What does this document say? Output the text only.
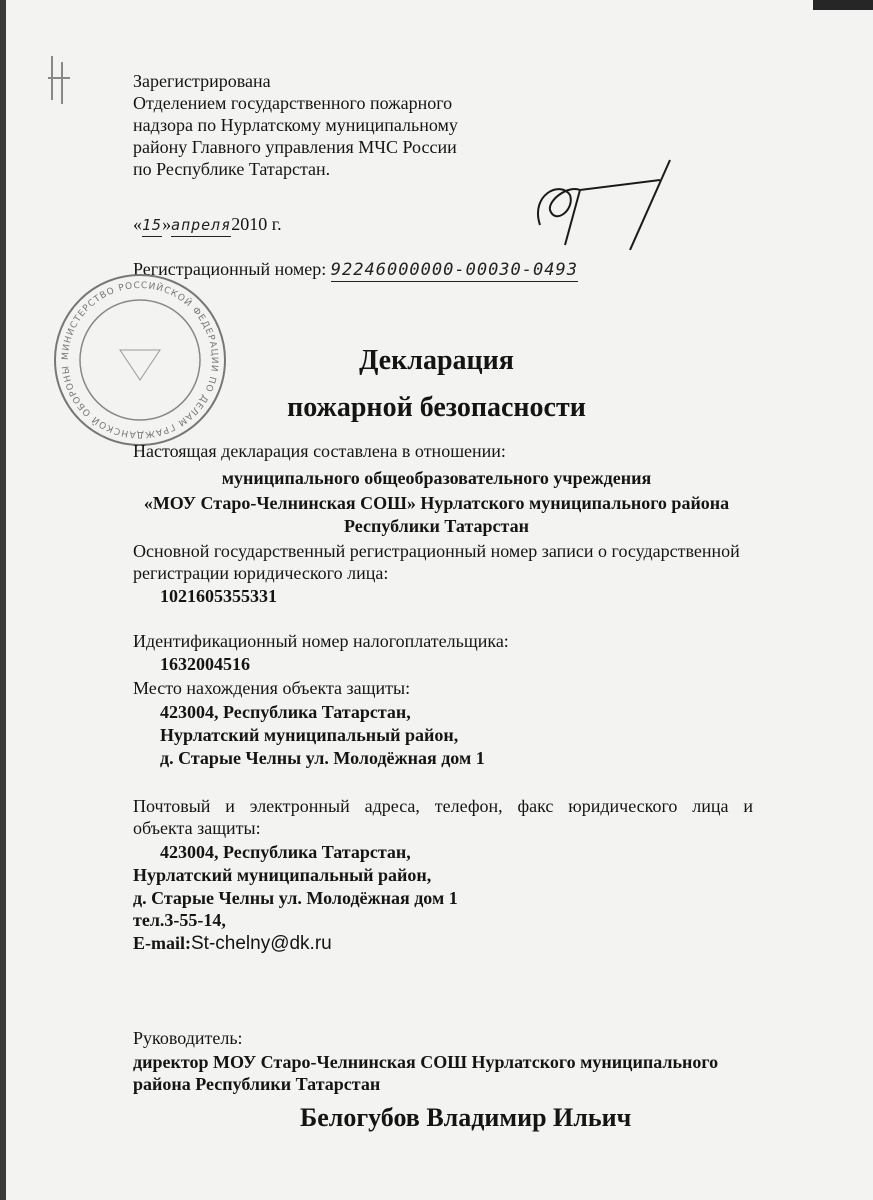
Зарегистрирована
Отделением государственного пожарного
надзора по Нурлатскому муниципальному
району Главного управления МЧС России
по Республике Татарстан.
«15»апреля2010 г.
Регистрационный номер: 92246000000-00030-0493
МИНИСТЕРСТВО РОССИЙСКОЙ ФЕДЕРАЦИИ ПО ДЕЛАМ ГРАЖДАНСКОЙ ОБОРОНЫ	Декларация
пожарной безопасности
Настоящая декларация составлена в отношении:
муниципального общеобразовательного учреждения
«МОУ Старо-Челнинская СОШ» Нурлатского муниципального района
Республики Татарстан
Основной государственный регистрационный номер записи о государственной
регистрации юридического лица:
1021605355331
Идентификационный номер налогоплательщика:
1632004516
Место нахождения объекта защиты:
423004, Республика Татарстан,
Нурлатский муниципальный район,
д. Старые Челны ул. Молодёжная дом 1
Почтовый и электронный адреса, телефон, факс юридического лица и
объекта защиты:
423004, Республика Татарстан,
Нурлатский муниципальный район,
д. Старые Челны ул. Молодёжная дом 1
тел.3-55-14,
E-mail:St-chelny@dk.ru
Руководитель:
директор МОУ Старо-Челнинская СОШ Нурлатского муниципального
района Республики Татарстан
Белогубов Владимир Ильич
